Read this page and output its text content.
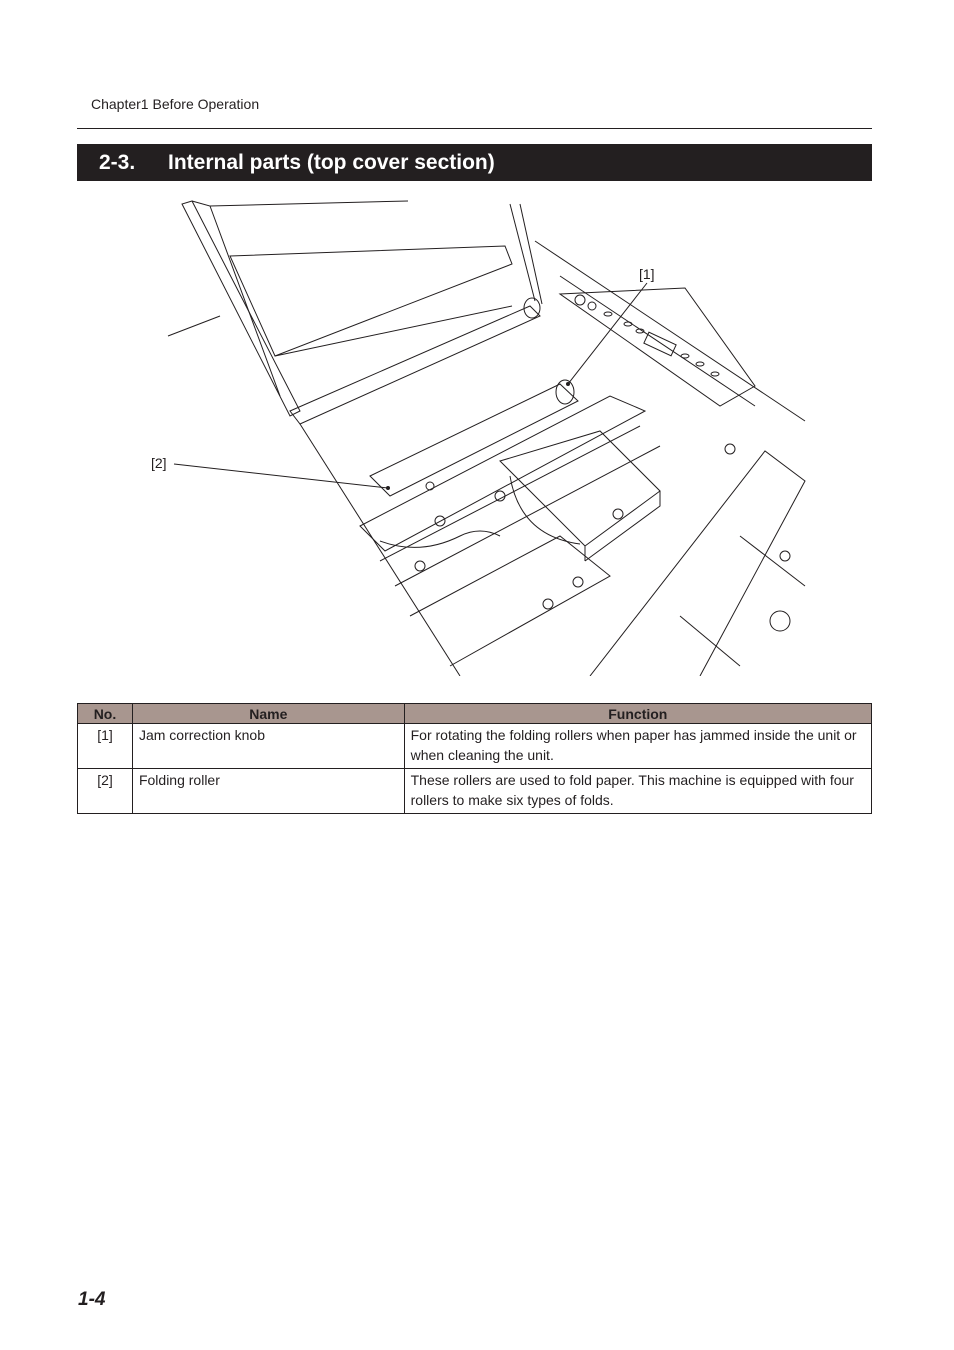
Chapter1 Before Operation
2-3. Internal parts (top cover section)
[1]
[2]
No.	Name	Function
[1]	Jam correction knob	For rotating the folding rollers when paper has jammed inside the unit or when cleaning the unit.
[2]	Folding roller	These rollers are used to fold paper. This machine is equipped with four rollers to make six types of folds.
1-4
